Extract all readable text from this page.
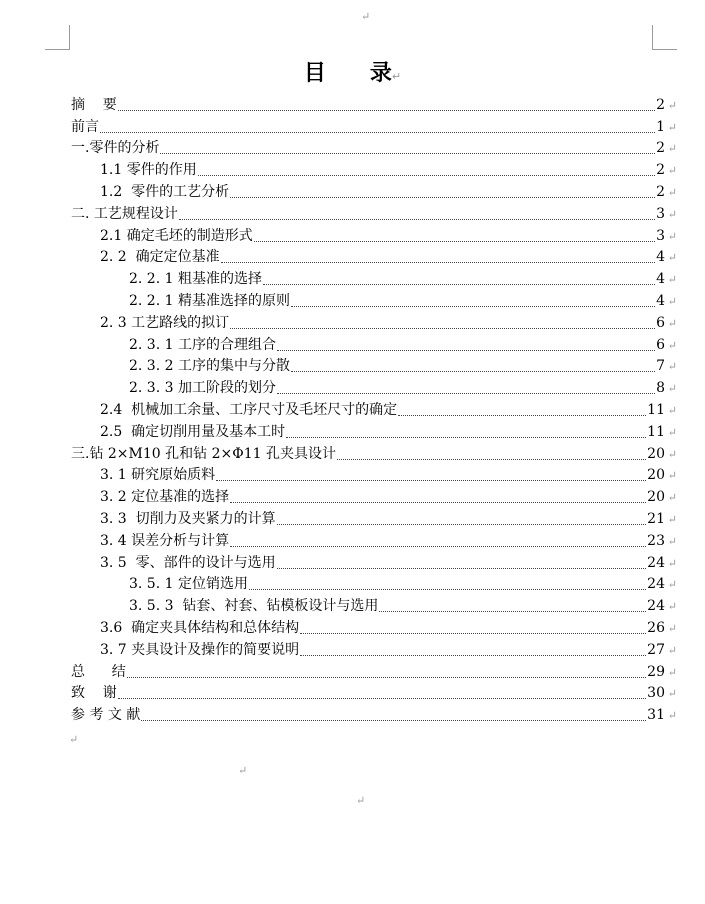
↵
目 录↵
摘    要	2 ↵
前言	1 ↵
一.零件的分析	2 ↵
1.1 零件的作用	2 ↵
1.2  零件的工艺分析	2 ↵
二. 工艺规程设计	3 ↵
2.1 确定毛坯的制造形式	3 ↵
2. 2  确定定位基准	4 ↵
2. 2. 1 粗基准的选择	4 ↵
2. 2. 1 精基准选择的原则	4 ↵
2. 3 工艺路线的拟订	6 ↵
2. 3. 1 工序的合理组合	6 ↵
2. 3. 2 工序的集中与分散	7 ↵
2. 3. 3 加工阶段的划分	8 ↵
2.4  机械加工余量、工序尺寸及毛坯尺寸的确定	11 ↵
2.5  确定切削用量及基本工时	11 ↵
三.钻 2×M10 孔和钻 2×Φ11 孔夹具设计	20 ↵
3. 1 研究原始质料	20 ↵
3. 2 定位基准的选择	20 ↵
3. 3  切削力及夹紧力的计算	21 ↵
3. 4 误差分析与计算	23 ↵
3. 5  零、部件的设计与选用	24 ↵
3. 5. 1 定位销选用	24 ↵
3. 5. 3  钻套、衬套、钻模板设计与选用	24 ↵
3.6  确定夹具体结构和总体结构	26 ↵
3. 7 夹具设计及操作的简要说明	27 ↵
总      结	29 ↵
致    谢	30 ↵
参 考 文 献	31 ↵
↵
↵
↵
